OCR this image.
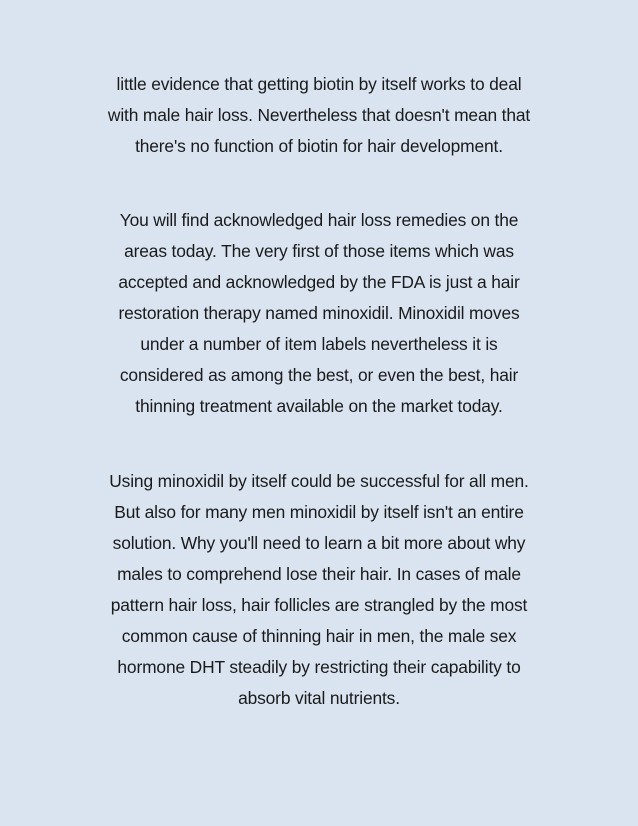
little evidence that getting biotin by itself works to deal
with male hair loss. Nevertheless that doesn't mean that
there's no function of biotin for hair development.
You will find acknowledged hair loss remedies on the
areas today. The very first of those items which was
accepted and acknowledged by the FDA is just a hair
restoration therapy named minoxidil. Minoxidil moves
under a number of item labels nevertheless it is
considered as among the best, or even the best, hair
thinning treatment available on the market today.
Using minoxidil by itself could be successful for all men.
But also for many men minoxidil by itself isn't an entire
solution. Why you'll need to learn a bit more about why
males to comprehend lose their hair. In cases of male
pattern hair loss, hair follicles are strangled by the most
common cause of thinning hair in men, the male sex
hormone DHT steadily by restricting their capability to
absorb vital nutrients.
